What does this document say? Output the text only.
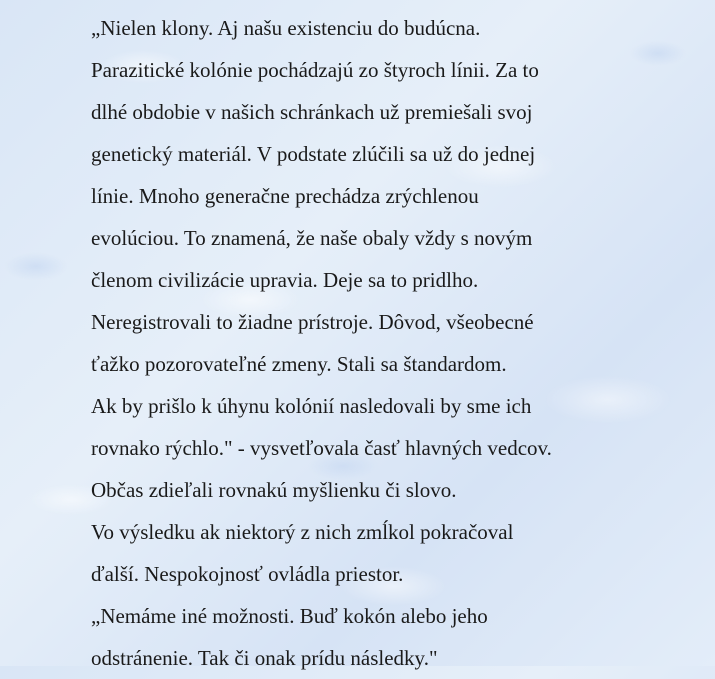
„Nielen klony. Aj našu existenciu do budúcna.
Parazitické kolónie pochádzajú zo štyroch línii. Za to
dlhé obdobie v našich schránkach už premiešali svoj
genetický materiál. V podstate zlúčili sa už do jednej
línie. Mnoho generačne prechádza zrýchlenou
evolúciou. To znamená, že naše obaly vždy s novým
členom civilizácie upravia. Deje sa to pridlho.
Neregistrovali to žiadne prístroje. Dôvod, všeobecné
ťažko pozorovateľné zmeny. Stali sa štandardom.
Ak by prišlo k úhynu kolónií nasledovali by sme ich
rovnako rýchlo." - vysvetľovala časť hlavných vedcov.
Občas zdieľali rovnakú myšlienku či slovo.
Vo výsledku ak niektorý z nich zmĺkol pokračoval
ďalší. Nespokojnosť ovládla priestor.
„Nemáme iné možnosti. Buď kokón alebo jeho
odstránenie. Tak či onak prídu následky."
